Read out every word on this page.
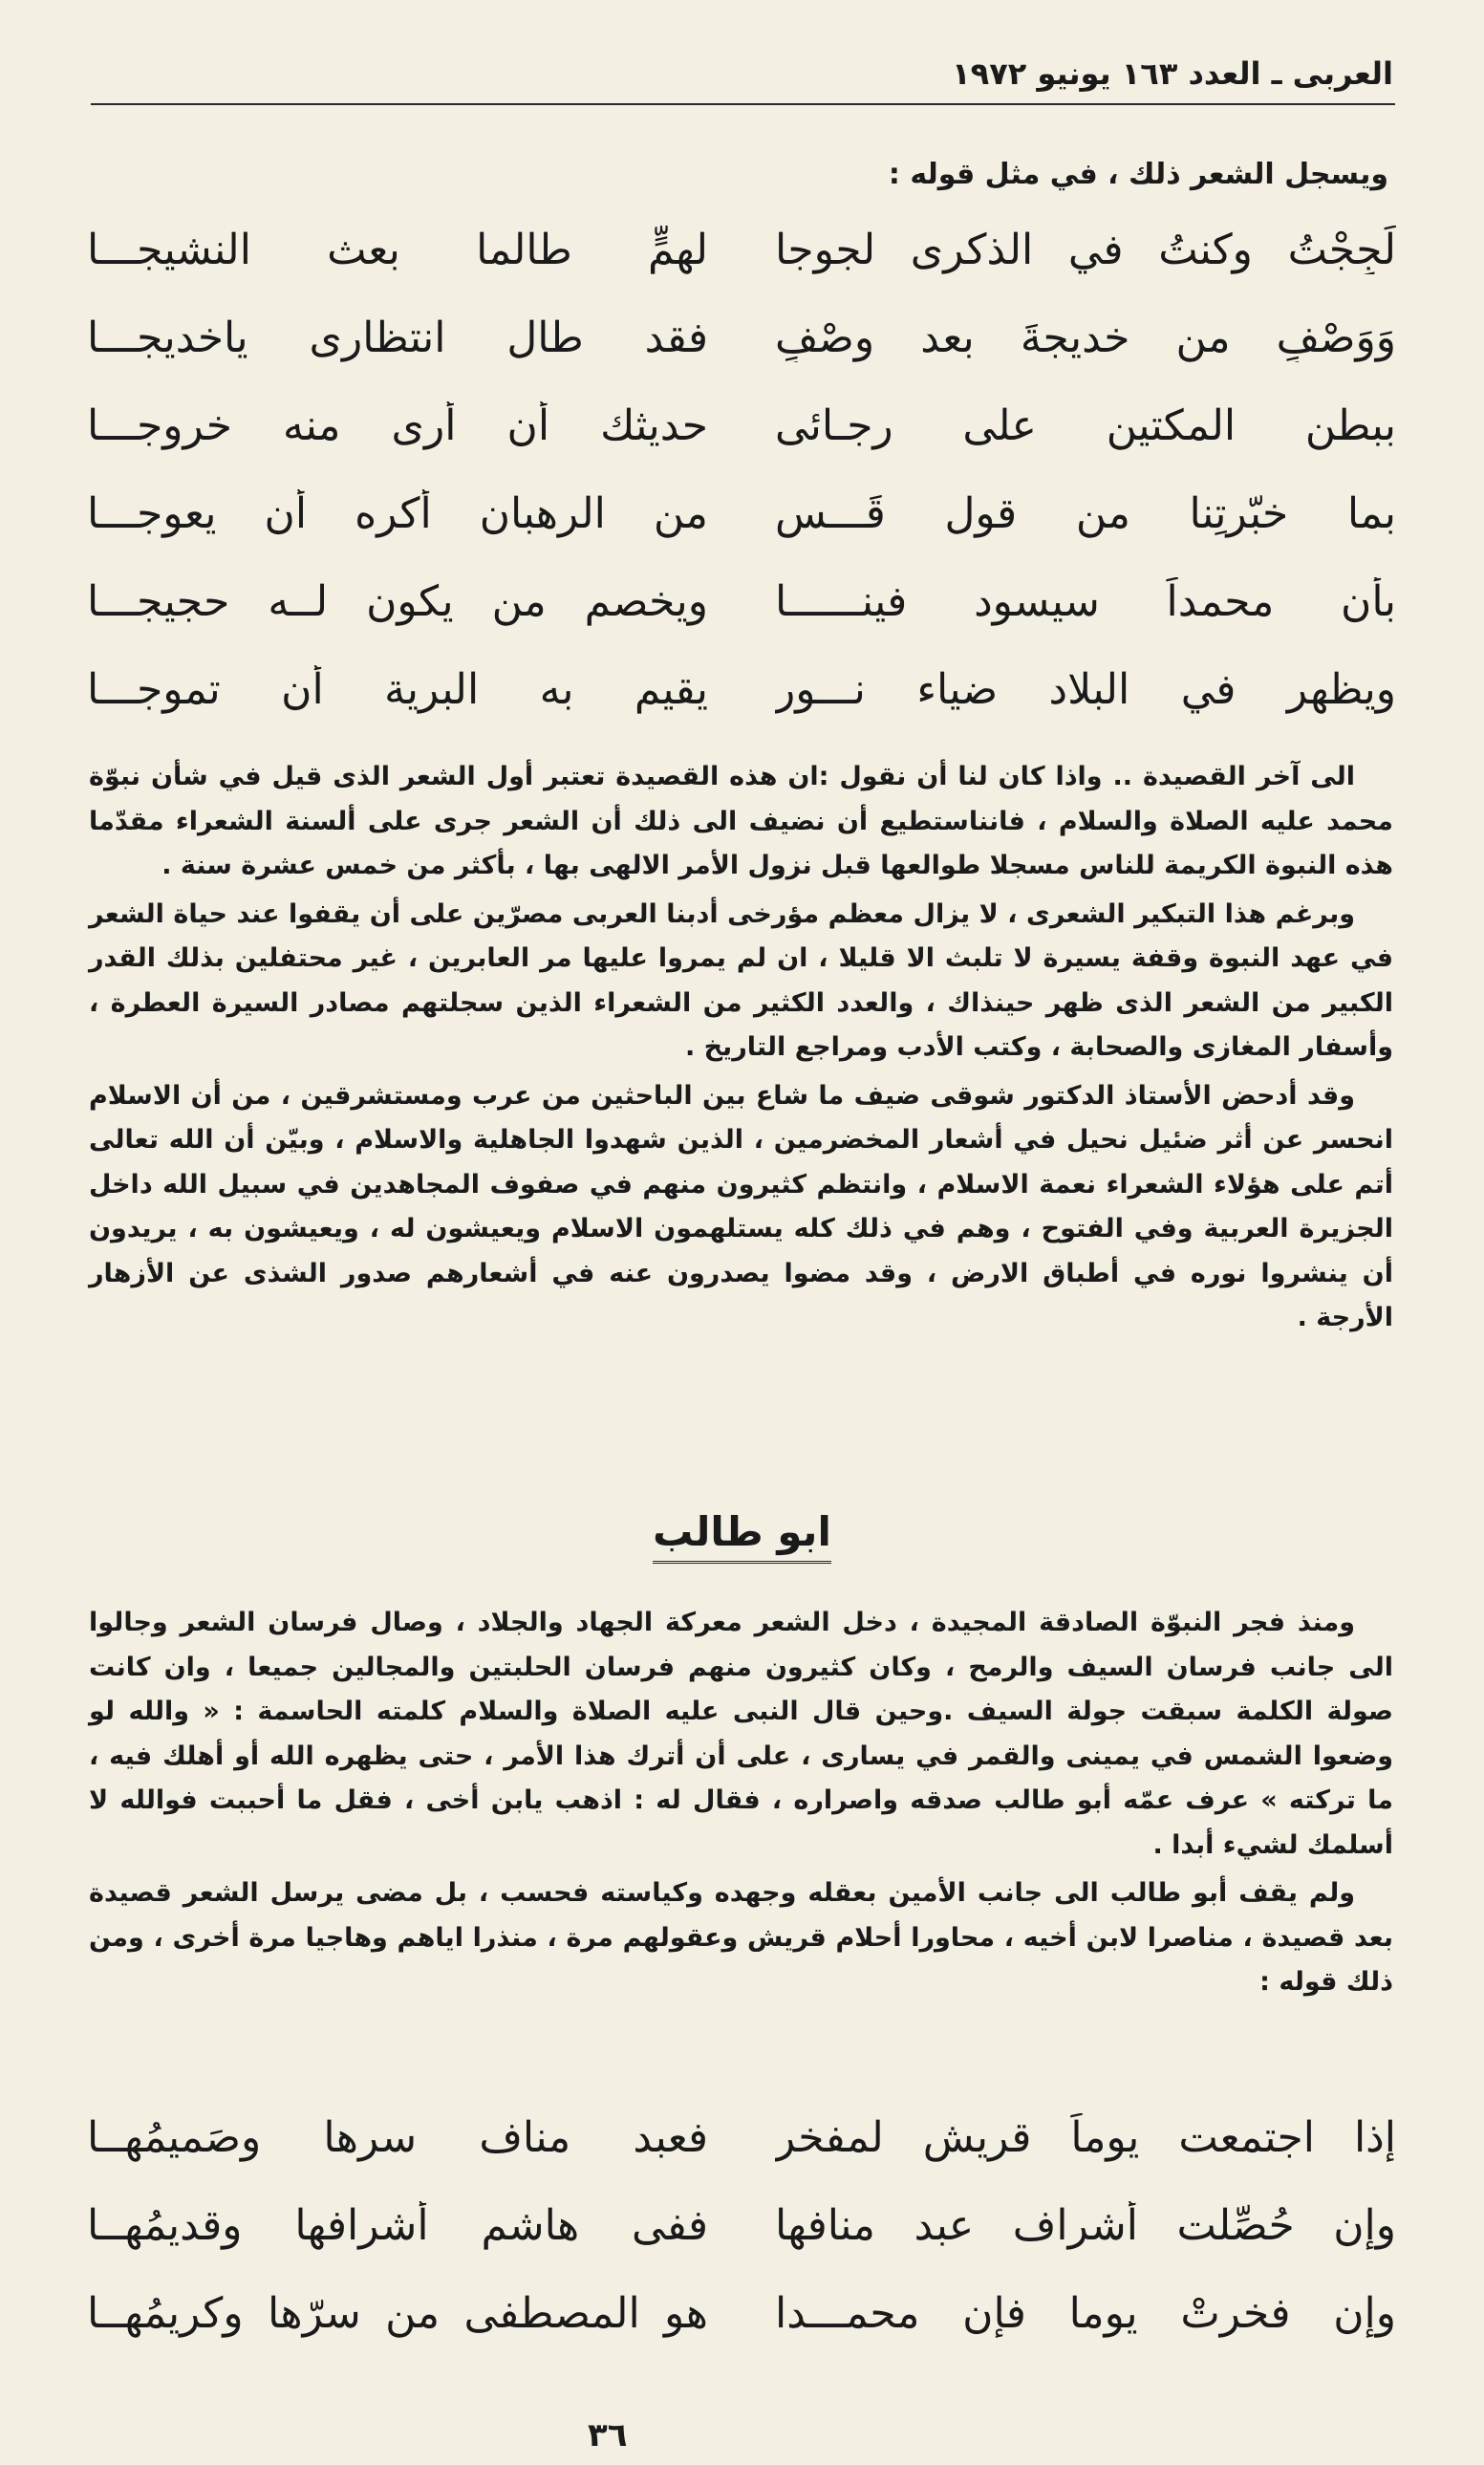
العربى ـ العدد ١٦٣ يونيو ١٩٧٢
ويسجل الشعر ذلك ، في مثل قوله :
لَجِجْتُ وكنتُ في الذكرى لجوجا
لهمٍّ طالما بعث النشيجـــا
وَوَصْفٍ من خديجةَ بعد وصْفٍ
فقد طال انتظارى ياخديجـــا
ببطن المكتين على رجـائى
حديثك أن أرى منه خروجـــا
بما خبّرتِنا من قول قَـــسٍ
من الرهبان أكره أن يعوجـــا
بأن محمداً سيسود فينــــــا
ويخصم من يكون لــه حجيجـــا
ويظهر في البلاد ضياء نـــور
يقيم به البرية أن تموجـــا

الى آخر القصيدة .. واذا كان لنا أن نقول :ان هذه القصيدة تعتبر أول الشعر الذى قيل في شأن نبوّة محمد عليه الصلاة والسلام ، فانناستطيع أن نضيف الى ذلك أن الشعر جرى على ألسنة الشعراء مقدّما هذه النبوة الكريمة للناس مسجلا طوالعها قبل نزول الأمر الالهى بها ، بأكثر من خمس عشرة سنة .

وبرغم هذا التبكير الشعرى ، لا يزال معظم مؤرخى أدبنا العربى مصرّين على أن يقفوا عند حياة الشعر في عهد النبوة وقفة يسيرة لا تلبث الا قليلا ، ان لم يمروا عليها مر العابرين ، غير محتفلين بذلك القدر الكبير من الشعر الذى ظهر حينذاك ، والعدد الكثير من الشعراء الذين سجلتهم مصادر السيرة العطرة ، وأسفار المغازى والصحابة ، وكتب الأدب ومراجع التاريخ .

وقد أدحض الأستاذ الدكتور شوقى ضيف ما شاع بين الباحثين من عرب ومستشرقين ، من أن الاسلام انحسر عن أثر ضئيل نحيل في أشعار المخضرمين ، الذين شهدوا الجاهلية والاسلام ، وبيّن أن الله تعالى أتم على هؤلاء الشعراء نعمة الاسلام ، وانتظم كثيرون منهم في صفوف المجاهدين في سبيل الله داخل الجزيرة العربية وفي الفتوح ، وهم في ذلك كله يستلهمون الاسلام ويعيشون له ، ويعيشون به ، يريدون أن ينشروا نوره في أطباق الارض ، وقد مضوا يصدرون عنه في أشعارهم صدور الشذى عن الأزهار الأرجة .

ابو طالب

ومنذ فجر النبوّة الصادقة المجيدة ، دخل الشعر معركة الجهاد والجلاد ، وصال فرسان الشعر وجالوا الى جانب فرسان السيف والرمح ، وكان كثيرون منهم فرسان الحلبتين والمجالين جميعا ، وان كانت صولة الكلمة سبقت جولة السيف .وحين قال النبى عليه الصلاة والسلام كلمته الحاسمة : « والله لو وضعوا الشمس في يمينى والقمر في يسارى ، على أن أترك هذا الأمر ، حتى يظهره الله أو أهلك فيه ، ما تركته » عرف عمّه أبو طالب صدقه واصراره ، فقال له : اذهب يابن أخى ، فقل ما أحببت فوالله لا أسلمك لشيء أبدا .

ولم يقف أبو طالب الى جانب الأمين بعقله وجهده وكياسته فحسب ، بل مضى يرسل الشعر قصيدة بعد قصيدة ، مناصرا لابن أخيه ، محاورا أحلام قريش وعقولهم مرة ، منذرا اياهم وهاجيا مرة أخرى ، ومن ذلك قوله :

إذا اجتمعت يوماً قريش لمفخر
فعبد مناف سرها وصَميمُهــا
وإن حُصِّلت أشراف عبد منافها
ففى هاشم أشرافها وقديمُهــا
وإن فخرتْ يوما فإن محمـــدا
هو المصطفى من سرّها وكريمُهــا
٣٦
